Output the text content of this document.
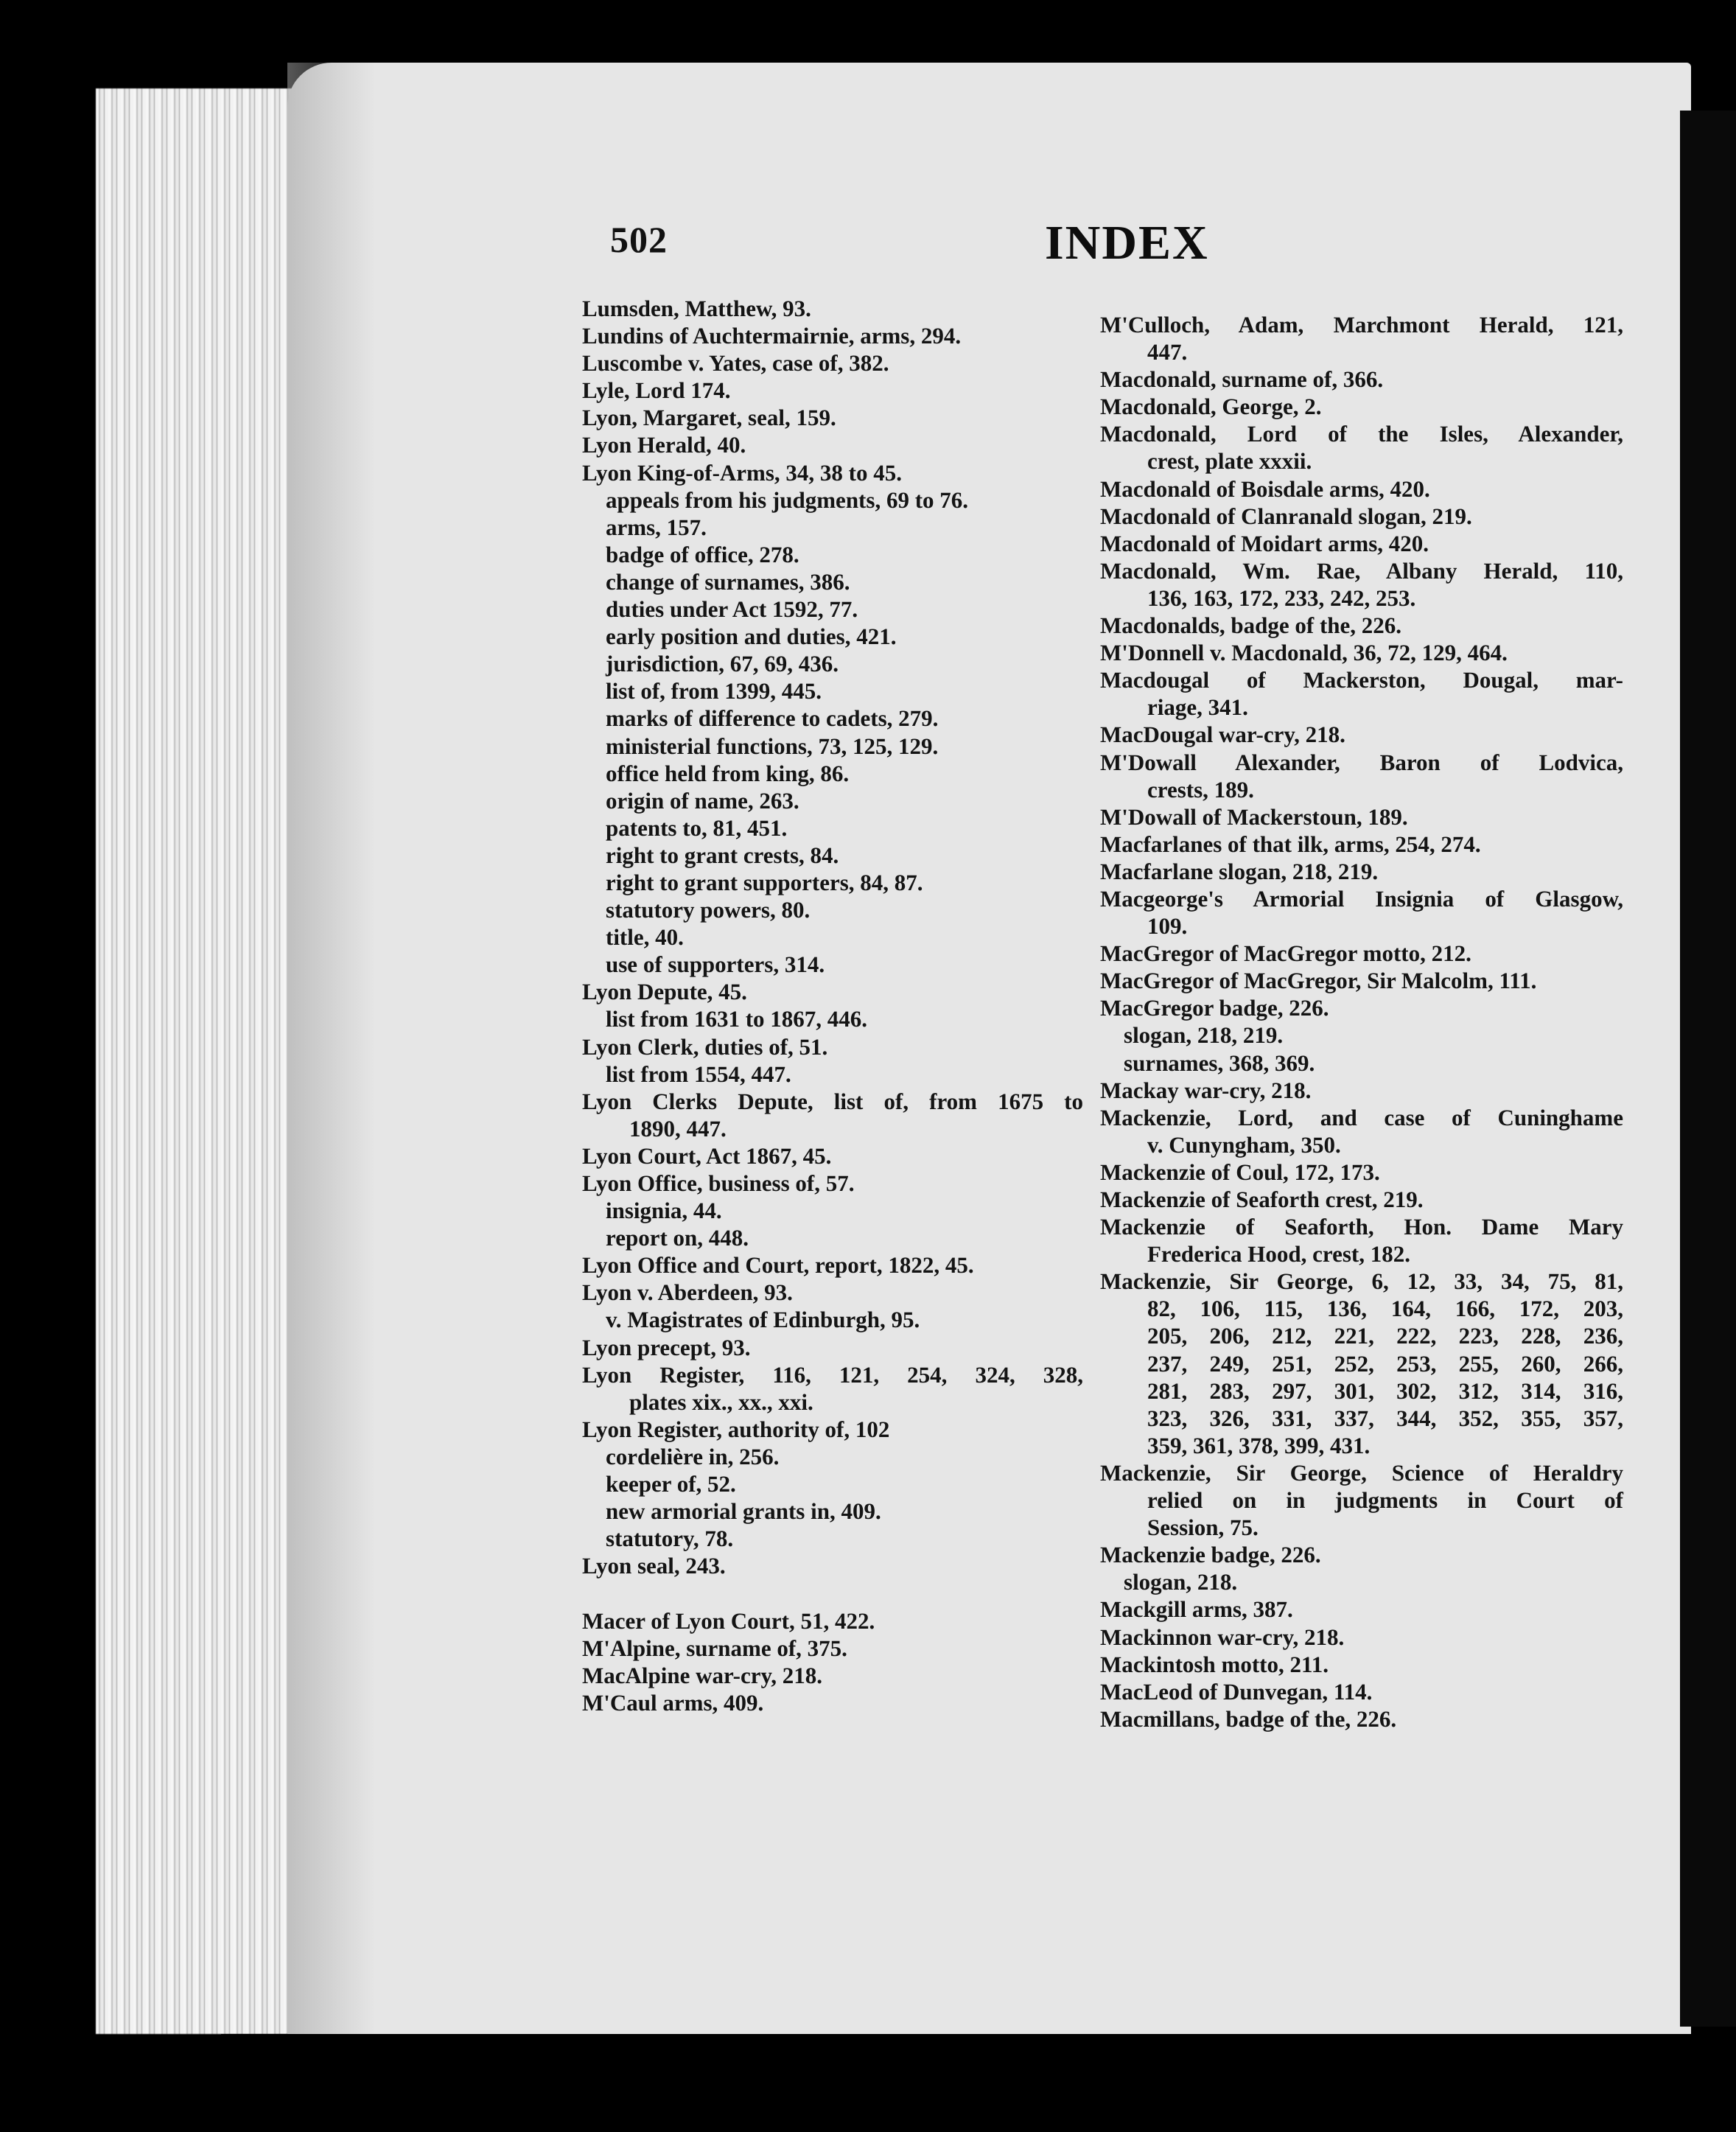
502	INDEX
Lumsden, Matthew, 93.
Lundins of Auchtermairnie, arms, 294.
Luscombe v. Yates, case of, 382.
Lyle, Lord 174.
Lyon, Margaret, seal, 159.
Lyon Herald, 40.
Lyon King-of-Arms, 34, 38 to 45.
appeals from his judgments, 69 to 76.
arms, 157.
badge of office, 278.
change of surnames, 386.
duties under Act 1592, 77.
early position and duties, 421.
jurisdiction, 67, 69, 436.
list of, from 1399, 445.
marks of difference to cadets, 279.
ministerial functions, 73, 125, 129.
office held from king, 86.
origin of name, 263.
patents to, 81, 451.
right to grant crests, 84.
right to grant supporters, 84, 87.
statutory powers, 80.
title, 40.
use of supporters, 314.
Lyon Depute, 45.
list from 1631 to 1867, 446.
Lyon Clerk, duties of, 51.
list from 1554, 447.
Lyon Clerks Depute, list of, from 1675 to
1890, 447.
Lyon Court, Act 1867, 45.
Lyon Office, business of, 57.
insignia, 44.
report on, 448.
Lyon Office and Court, report, 1822, 45.
Lyon v. Aberdeen, 93.
v. Magistrates of Edinburgh, 95.
Lyon precept, 93.
Lyon Register, 116, 121, 254, 324, 328,
plates xix., xx., xxi.
Lyon Register, authority of, 102
cordelière in, 256.
keeper of, 52.
new armorial grants in, 409.
statutory, 78.
Lyon seal, 243.
Macer of Lyon Court, 51, 422.
M'Alpine, surname of, 375.
MacAlpine war-cry, 218.
M'Caul arms, 409.
M'Culloch, Adam, Marchmont Herald, 121,
447.
Macdonald, surname of, 366.
Macdonald, George, 2.
Macdonald, Lord of the Isles, Alexander,
crest, plate xxxii.
Macdonald of Boisdale arms, 420.
Macdonald of Clanranald slogan, 219.
Macdonald of Moidart arms, 420.
Macdonald, Wm. Rae, Albany Herald, 110,
136, 163, 172, 233, 242, 253.
Macdonalds, badge of the, 226.
M'Donnell v. Macdonald, 36, 72, 129, 464.
Macdougal of Mackerston, Dougal, mar-
riage, 341.
MacDougal war-cry, 218.
M'Dowall Alexander, Baron of Lodvica,
crests, 189.
M'Dowall of Mackerstoun, 189.
Macfarlanes of that ilk, arms, 254, 274.
Macfarlane slogan, 218, 219.
Macgeorge's Armorial Insignia of Glasgow,
109.
MacGregor of MacGregor motto, 212.
MacGregor of MacGregor, Sir Malcolm, 111.
MacGregor badge, 226.
slogan, 218, 219.
surnames, 368, 369.
Mackay war-cry, 218.
Mackenzie, Lord, and case of Cuninghame
v. Cunyngham, 350.
Mackenzie of Coul, 172, 173.
Mackenzie of Seaforth crest, 219.
Mackenzie of Seaforth, Hon. Dame Mary
Frederica Hood, crest, 182.
Mackenzie, Sir George, 6, 12, 33, 34, 75, 81,
82, 106, 115, 136, 164, 166, 172, 203,
205, 206, 212, 221, 222, 223, 228, 236,
237, 249, 251, 252, 253, 255, 260, 266,
281, 283, 297, 301, 302, 312, 314, 316,
323, 326, 331, 337, 344, 352, 355, 357,
359, 361, 378, 399, 431.
Mackenzie, Sir George, Science of Heraldry
relied on in judgments in Court of
Session, 75.
Mackenzie badge, 226.
slogan, 218.
Mackgill arms, 387.
Mackinnon war-cry, 218.
Mackintosh motto, 211.
MacLeod of Dunvegan, 114.
Macmillans, badge of the, 226.
